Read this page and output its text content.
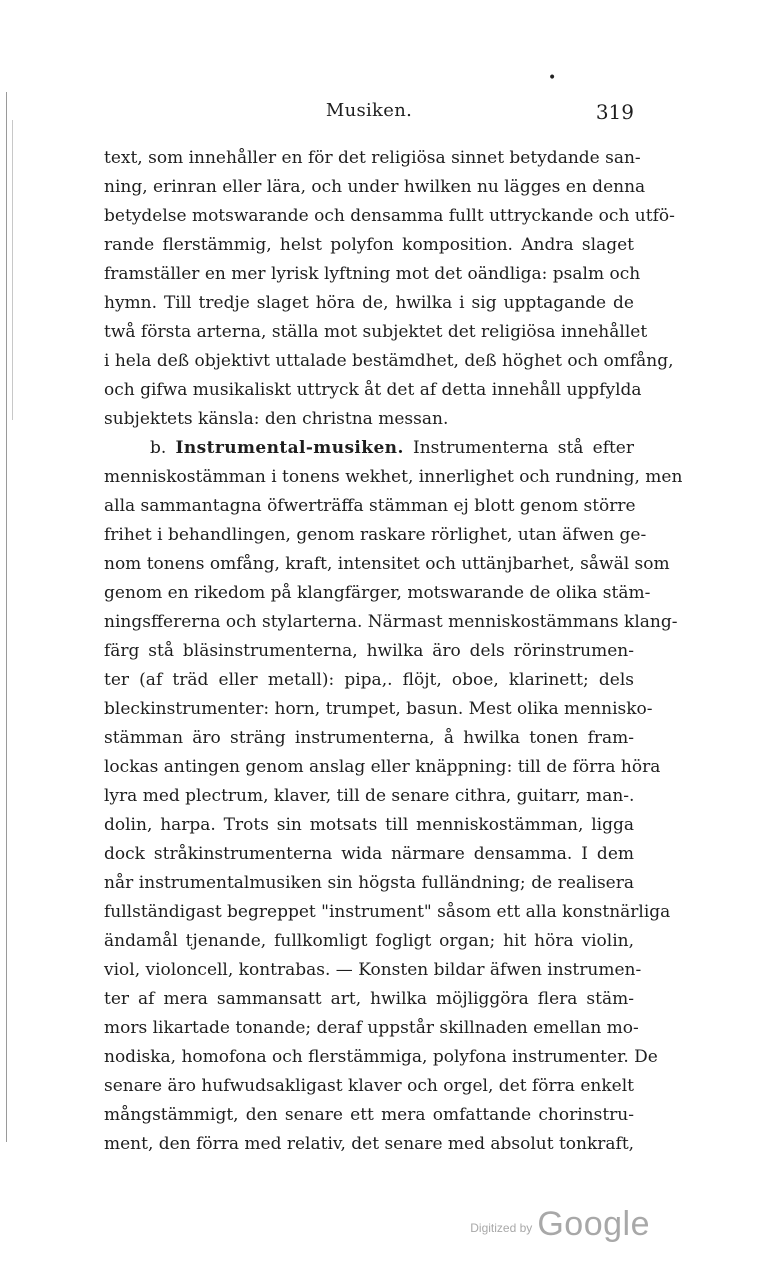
•
Musiken.	319
text, som innehåller en för det religiösa sinnet betydande san-
ning, erinran eller lära, och under hwilken nu lägges en denna
betydelse motswarande och densamma fullt uttryckande och utfö-
rande flerstämmig, helst polyfon komposition. Andra slaget
framställer en mer lyrisk lyftning mot det oändliga: psalm och
hymn. Till tredje slaget höra de, hwilka i sig upptagande de
twå första arterna, ställa mot subjektet det religiösa innehållet
i hela deß objektivt uttalade bestämdhet, deß höghet och omfång,
och gifwa musikaliskt uttryck åt det af detta innehåll uppfylda
subjektets känsla: den christna messan.
b. Instrumental-musiken. Instrumenterna stå efter
menniskostämman i tonens wekhet, innerlighet och rundning, men
alla sammantagna öfwerträffa stämman ej blott genom större
frihet i behandlingen, genom raskare rörlighet, utan äfwen ge-
nom tonens omfång, kraft, intensitet och uttänjbarhet, såwäl som
genom en rikedom på klangfärger, motswarande de olika stäm-
ningsffererna och stylarterna. Närmast menniskostämmans klang-
färg stå bläsinstrumenterna, hwilka äro dels rörinstrumen-
ter (af träd eller metall): pipa,. flöjt, oboe, klarinett; dels
bleckinstrumenter: horn, trumpet, basun. Mest olika menniskо-
stämman äro sträng instrumenterna, å hwilka tonen fram-
lockas antingen genom anslag eller knäppning: till de förra höra
lyra med plectrum, klaver, till de senare cithra, guitarr, man-.
dolin, harpa. Trots sin motsats till menniskostämman, ligga
dock stråkinstrumenterna wida närmare densamma. I dem
når instrumentalmusiken sin högsta fulländning; de realisera
fullständigast begreppet "instrument" såsom ett alla konstnärliga
ändamål tjenande, fullkomligt fogligt organ; hit höra violin,
viol, violoncell, kontrabas. — Konsten bildar äfwen instrumen-
ter af mera sammansatt art, hwilka möjliggöra flera stäm-
mors likartade tonande; deraf uppstår skillnaden emellan mo-
nodiska, homofona och flerstämmiga, polyfona instrumenter. De
senare äro hufwudsakligast klaver och orgel, det förra enkelt
mångstämmigt, den senare ett mera omfattande chorinstru-
ment, den förra med relativ, det senare med absolut tonkraft,
Digitized by Google
